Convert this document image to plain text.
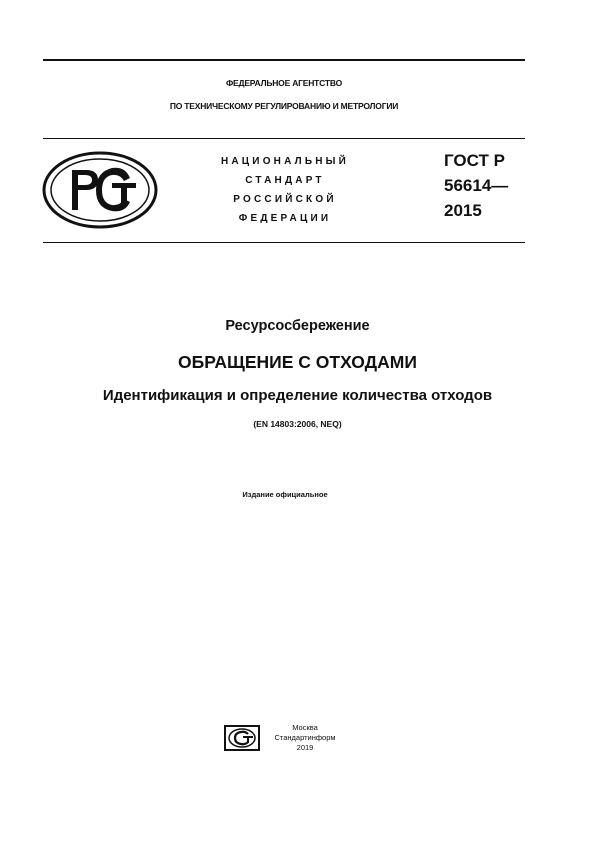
ФЕДЕРАЛЬНОЕ АГЕНТСТВО
ПО ТЕХНИЧЕСКОМУ РЕГУЛИРОВАНИЮ И МЕТРОЛОГИИ
НАЦИОНАЛЬНЫЙ
СТАНДАРТ
РОССИЙСКОЙ
ФЕДЕРАЦИИ
ГОСТ Р
56614—
2015
Ресурсосбережение
ОБРАЩЕНИЕ С ОТХОДАМИ
Идентификация и определение количества отходов
(EN 14803:2006, NEQ)
Издание официальное
Москва
Стандартинформ
2019
